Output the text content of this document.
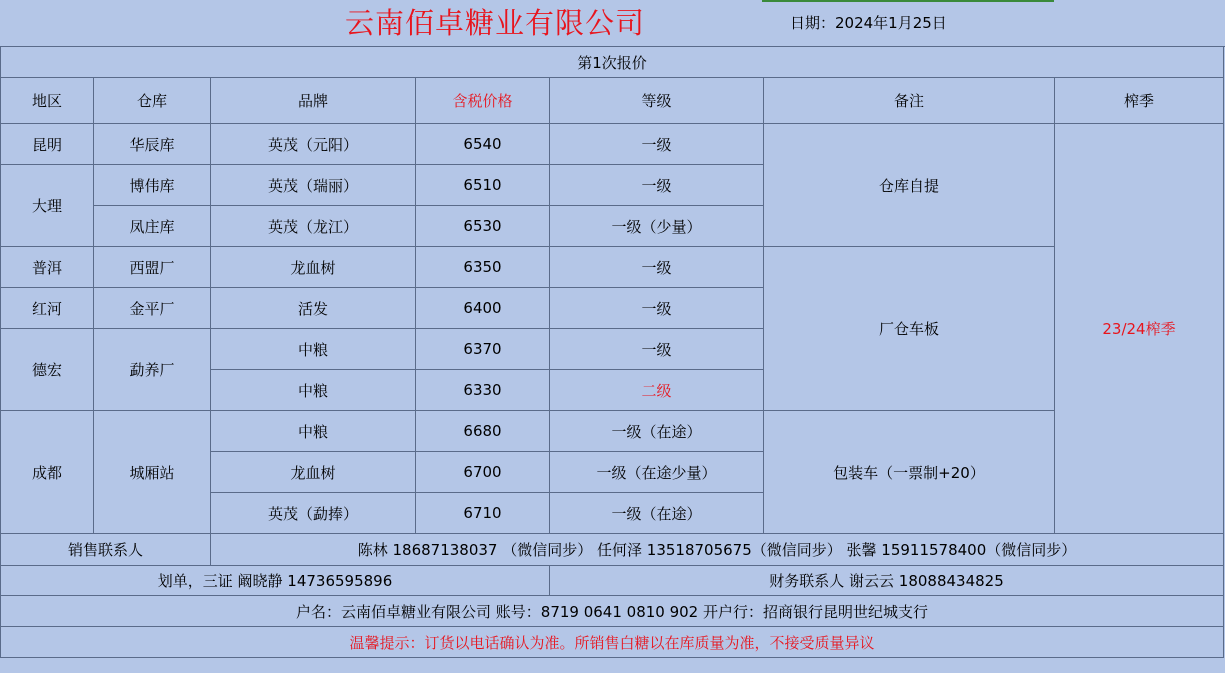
云南佰卓糖业有限公司	日期：2024年1月25日
第1次报价						
地区	仓库	品牌	含税价格	等级	备注	榨季
昆明	华辰库	英茂（元阳）	6540	一级	仓库自提	23/24榨季
大理	博伟库	英茂（瑞丽）	6510	一级		
	凤庄库	英茂（龙江）	6530	一级（少量）		
普洱	西盟厂	龙血树	6350	一级	厂仓车板	
红河	金平厂	活发	6400	一级		
德宏	勐养厂	中粮	6370	一级		
		中粮	6330	二级		
成都	城厢站	中粮	6680	一级（在途）	包装车（一票制+20）	
		龙血树	6700	一级（在途少量）		
		英茂（勐捧）	6710	一级（在途）		
销售联系人		陈林 18687138037 （微信同步） 任何泽 13518705675（微信同步） 张馨 15911578400（微信同步）				
划单，三证 阚晓静 14736595896				财务联系人 谢云云 18088434825		
户名：云南佰卓糖业有限公司 账号：8719 0641 0810 902 开户行：招商银行昆明世纪城支行						
温馨提示：订货以电话确认为准。所销售白糖以在库质量为准，不接受质量异议						
